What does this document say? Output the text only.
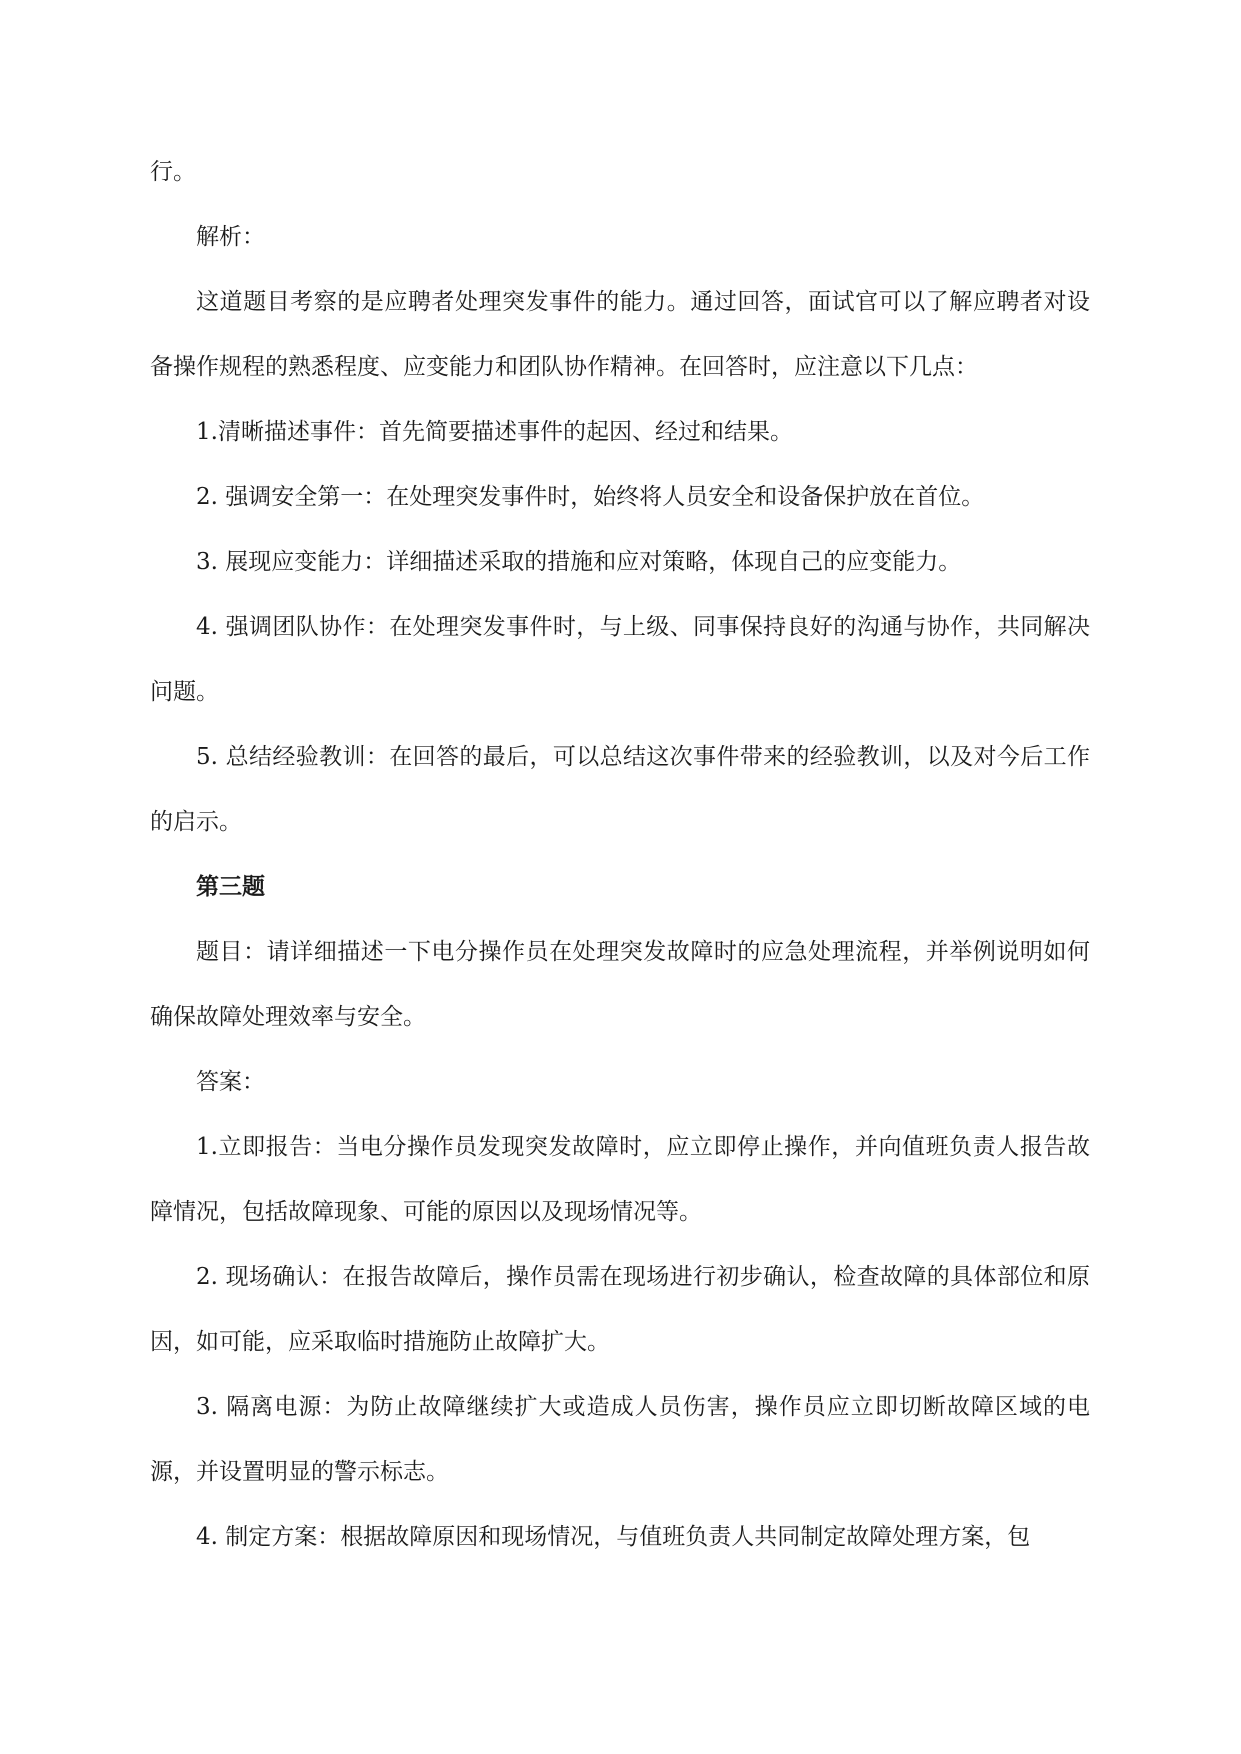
行。

解析：

这道题目考察的是应聘者处理突发事件的能力。通过回答，面试官可以了解应聘者对设备操作规程的熟悉程度、应变能力和团队协作精神。在回答时，应注意以下几点：

1.清晰描述事件：首先简要描述事件的起因、经过和结果。

2. 强调安全第一：在处理突发事件时，始终将人员安全和设备保护放在首位。

3. 展现应变能力：详细描述采取的措施和应对策略，体现自己的应变能力。

4. 强调团队协作：在处理突发事件时，与上级、同事保持良好的沟通与协作，共同解决问题。

5. 总结经验教训：在回答的最后，可以总结这次事件带来的经验教训，以及对今后工作的启示。

第三题

题目：请详细描述一下电分操作员在处理突发故障时的应急处理流程，并举例说明如何确保故障处理效率与安全。

答案：

1.立即报告：当电分操作员发现突发故障时，应立即停止操作，并向值班负责人报告故障情况，包括故障现象、可能的原因以及现场情况等。

2. 现场确认：在报告故障后，操作员需在现场进行初步确认，检查故障的具体部位和原因，如可能，应采取临时措施防止故障扩大。

3. 隔离电源：为防止故障继续扩大或造成人员伤害，操作员应立即切断故障区域的电源，并设置明显的警示标志。

4. 制定方案：根据故障原因和现场情况，与值班负责人共同制定故障处理方案，包
